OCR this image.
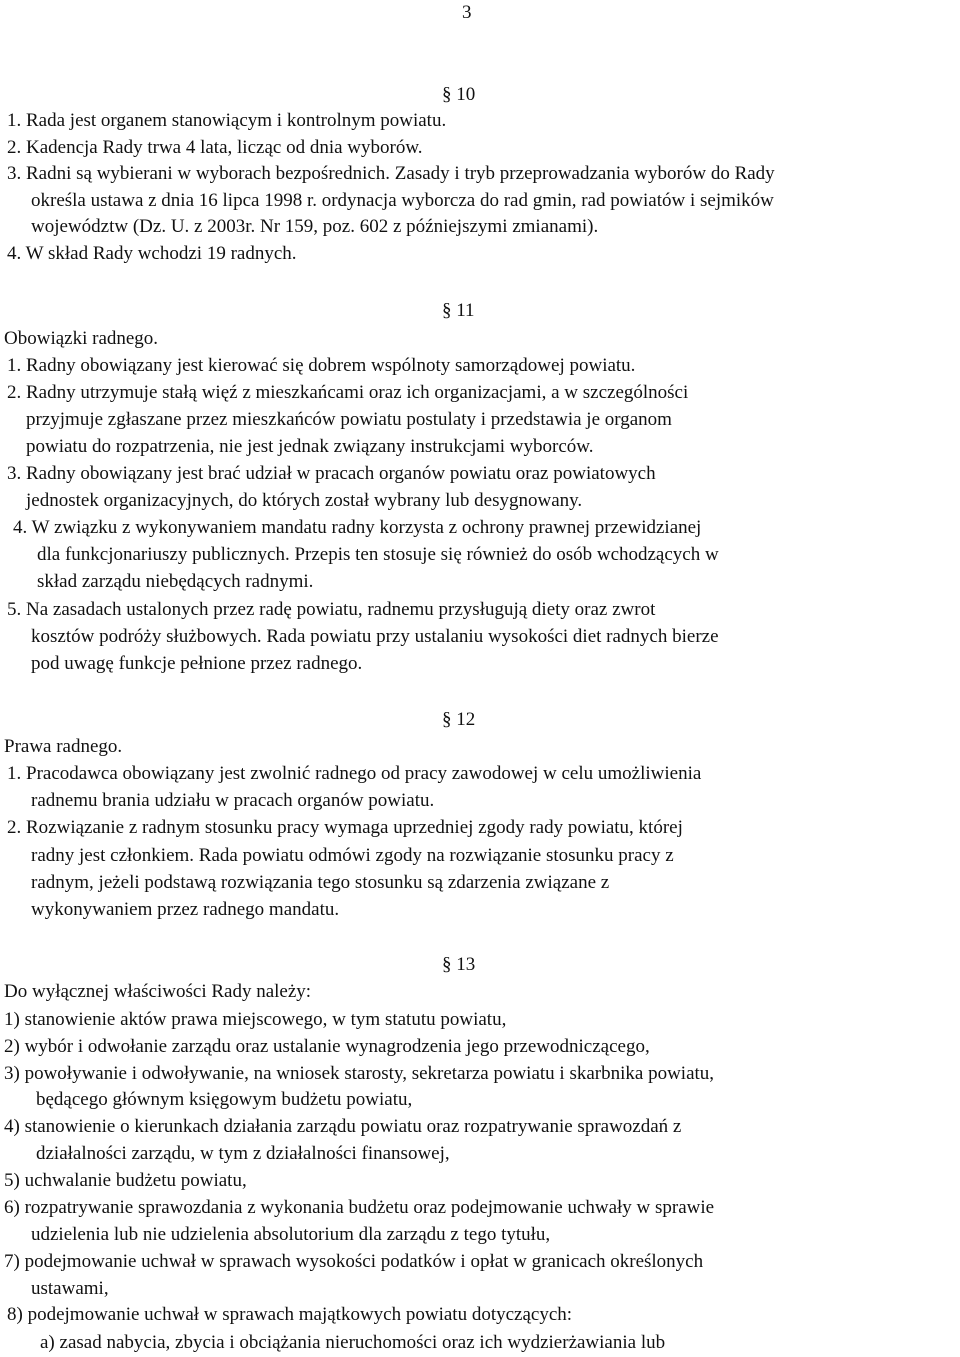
3
§ 10
1. Rada jest organem stanowiącym i kontrolnym powiatu.
2. Kadencja Rady trwa 4 lata, licząc od dnia wyborów.
3. Radni są wybierani w wyborach bezpośrednich. Zasady i tryb przeprowadzania wyborów do Rady
określa ustawa z dnia 16 lipca 1998 r. ordynacja wyborcza do rad gmin, rad powiatów i sejmików
województw (Dz. U. z 2003r. Nr 159, poz. 602 z późniejszymi zmianami).
4. W skład Rady wchodzi 19 radnych.
§ 11
Obowiązki radnego.
1. Radny obowiązany jest kierować się dobrem wspólnoty samorządowej powiatu.
2. Radny utrzymuje stałą więź z mieszkańcami oraz ich organizacjami, a w szczególności
przyjmuje zgłaszane przez mieszkańców powiatu postulaty i przedstawia je organom
powiatu do rozpatrzenia, nie jest jednak związany instrukcjami wyborców.
3. Radny obowiązany jest brać udział w pracach organów powiatu oraz powiatowych
jednostek organizacyjnych, do których został wybrany lub desygnowany.
4. W związku z wykonywaniem mandatu radny korzysta z ochrony prawnej przewidzianej
dla funkcjonariuszy publicznych. Przepis ten stosuje się również do osób wchodzących w
skład zarządu niebędących radnymi.
5. Na zasadach ustalonych przez radę powiatu, radnemu przysługują diety oraz zwrot
kosztów podróży służbowych. Rada powiatu przy ustalaniu wysokości diet radnych bierze
pod uwagę funkcje pełnione przez radnego.
§ 12
Prawa radnego.
1. Pracodawca obowiązany jest zwolnić radnego od pracy zawodowej w celu umożliwienia
radnemu brania udziału w pracach organów powiatu.
2. Rozwiązanie z radnym stosunku pracy wymaga uprzedniej zgody rady powiatu, której
radny jest członkiem. Rada powiatu odmówi zgody na rozwiązanie stosunku pracy z
radnym, jeżeli podstawą rozwiązania tego stosunku są zdarzenia związane z
wykonywaniem przez radnego mandatu.
§ 13
Do wyłącznej właściwości Rady należy:
1) stanowienie aktów prawa miejscowego, w tym statutu powiatu,
2) wybór i odwołanie zarządu oraz ustalanie wynagrodzenia jego przewodniczącego,
3) powoływanie i odwoływanie, na wniosek starosty, sekretarza powiatu i skarbnika powiatu,
będącego głównym księgowym budżetu powiatu,
4) stanowienie o kierunkach działania zarządu powiatu oraz rozpatrywanie sprawozdań z
działalności zarządu, w tym z działalności finansowej,
5) uchwalanie budżetu powiatu,
6) rozpatrywanie sprawozdania z wykonania budżetu oraz podejmowanie uchwały w sprawie
udzielenia lub nie udzielenia absolutorium dla zarządu z tego tytułu,
7) podejmowanie uchwał w sprawach wysokości podatków i opłat w granicach określonych
ustawami,
8) podejmowanie uchwał w sprawach majątkowych powiatu dotyczących:
a) zasad nabycia, zbycia i obciążania nieruchomości oraz ich wydzierżawiania lub
